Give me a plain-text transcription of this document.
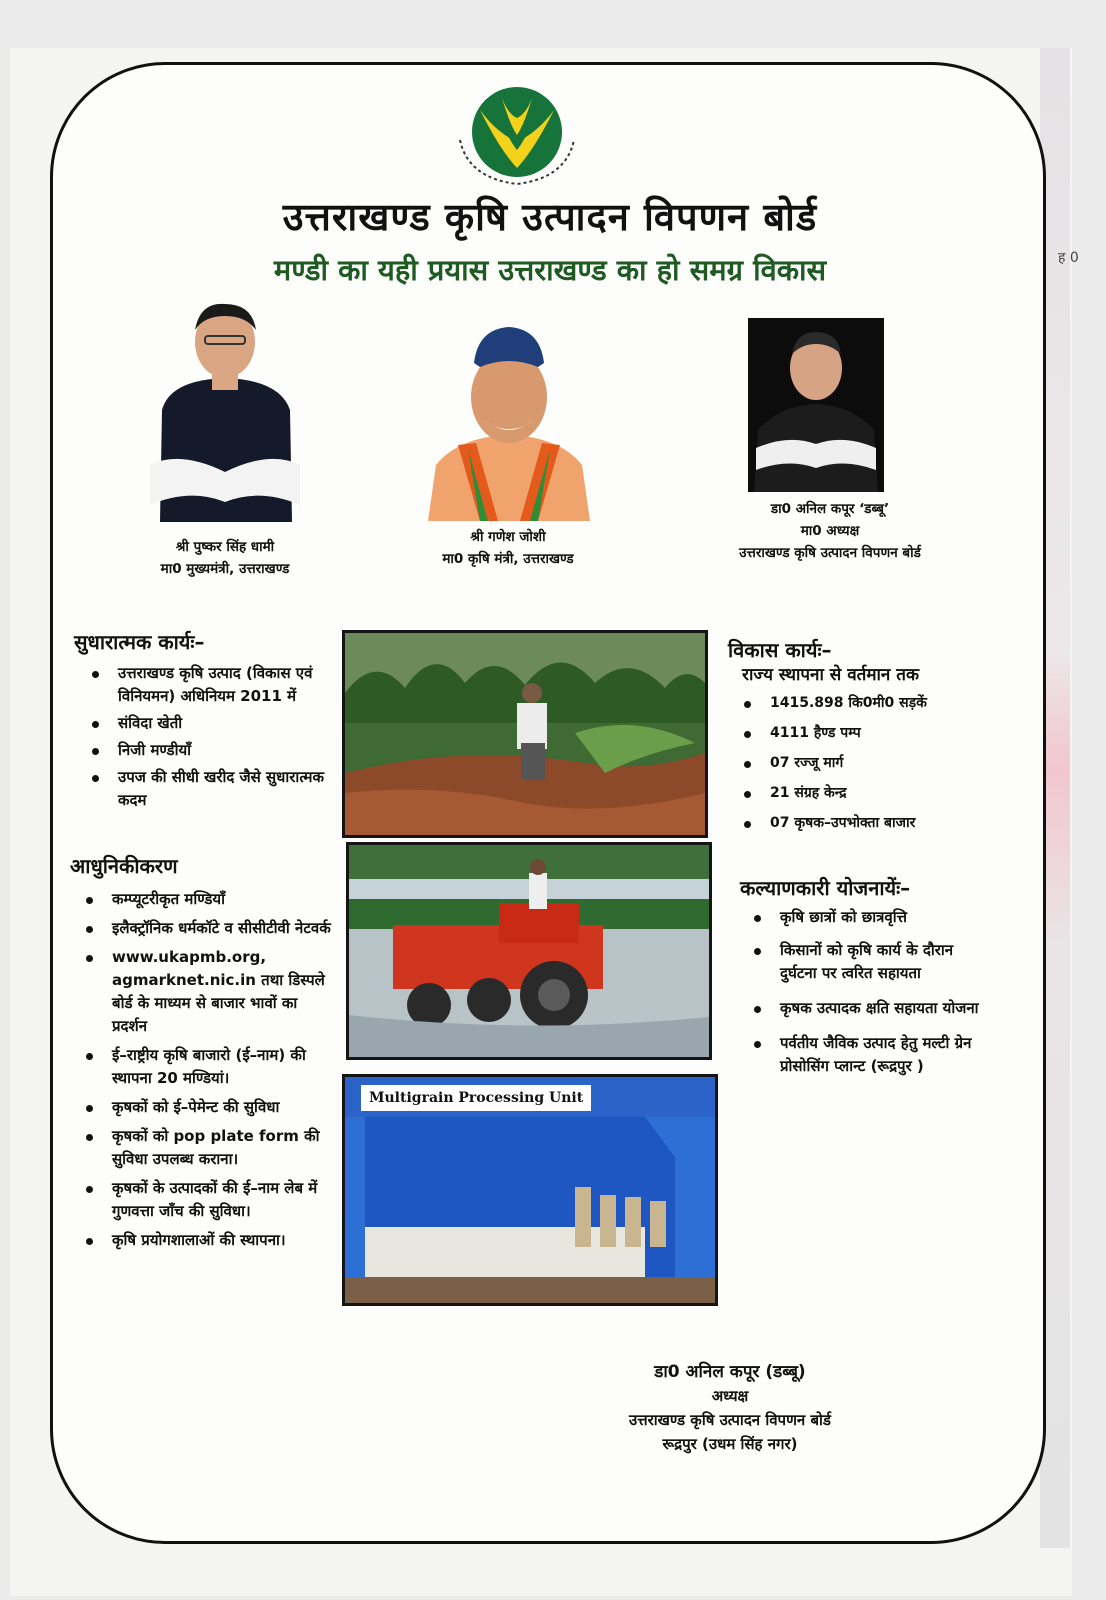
ह 0
उत्तराखण्ड कृषि उत्पादन विपणन बोर्ड
मण्डी का यही प्रयास उत्तराखण्ड का हो समग्र विकास
श्री पुष्कर सिंह धामी
मा0 मुख्यमंत्री, उत्तराखण्ड
श्री गणेश जोशी
मा0 कृषि मंत्री, उत्तराखण्ड
डा0 अनिल कपूर ‘डब्बू’
मा0 अध्यक्ष
उत्तराखण्ड कृषि उत्पादन विपणन बोर्ड
सुधारात्मक कार्यः–
उत्तराखण्ड कृषि उत्पाद (विकास एवं विनियमन) अधिनियम 2011 में
संविदा खेती
निजी मण्डीयाँ
उपज की सीधी खरीद जैसे सुधारात्मक कदम
आधुनिकीकरण
कम्प्यूटरीकृत मण्डियाँ
इलैक्ट्रॉनिक धर्मकॉटे व सीसीटीवी नेटवर्क
www.ukapmb.org, agmarknet.nic.in तथा डिस्पले बोर्ड के माध्यम से बाजार भावों का प्रदर्शन
ई–राष्ट्रीय कृषि बाजारो (ई–नाम) की स्थापना 20 मण्डियां।
कृषकों को ई–पेमेन्ट की सुविधा
कृषकों को pop plate form की सुविधा उपलब्ध कराना।
कृषकों के उत्पादकों की ई–नाम लेब में गुणवत्ता जाँच की सुविधा।
कृषि प्रयोगशालाओं की स्थापना।
Multigrain Processing Unit
विकास कार्यः–
राज्य स्थापना से वर्तमान तक
1415.898 कि0मी0 सड़कें
4111 हैण्ड पम्प
07 रज्जू मार्ग
21 संग्रह केन्द्र
07 कृषक–उपभोक्ता बाजार
कल्याणकारी योजनायेंः–
कृषि छात्रों को छात्रवृत्ति
किसानों को कृषि कार्य के दौरान दुर्घटना पर त्वरित सहायता
कृषक उत्पादक क्षति सहायता योजना
पर्वतीय जैविक उत्पाद हेतु मल्टी ग्रेन प्रोसोसिंग प्लान्ट (रूद्रपुर )
डा0 अनिल कपूर (डब्बू)
अध्यक्ष
उत्तराखण्ड कृषि उत्पादन विपणन बोर्ड
रूद्रपुर (उधम सिंह नगर)
